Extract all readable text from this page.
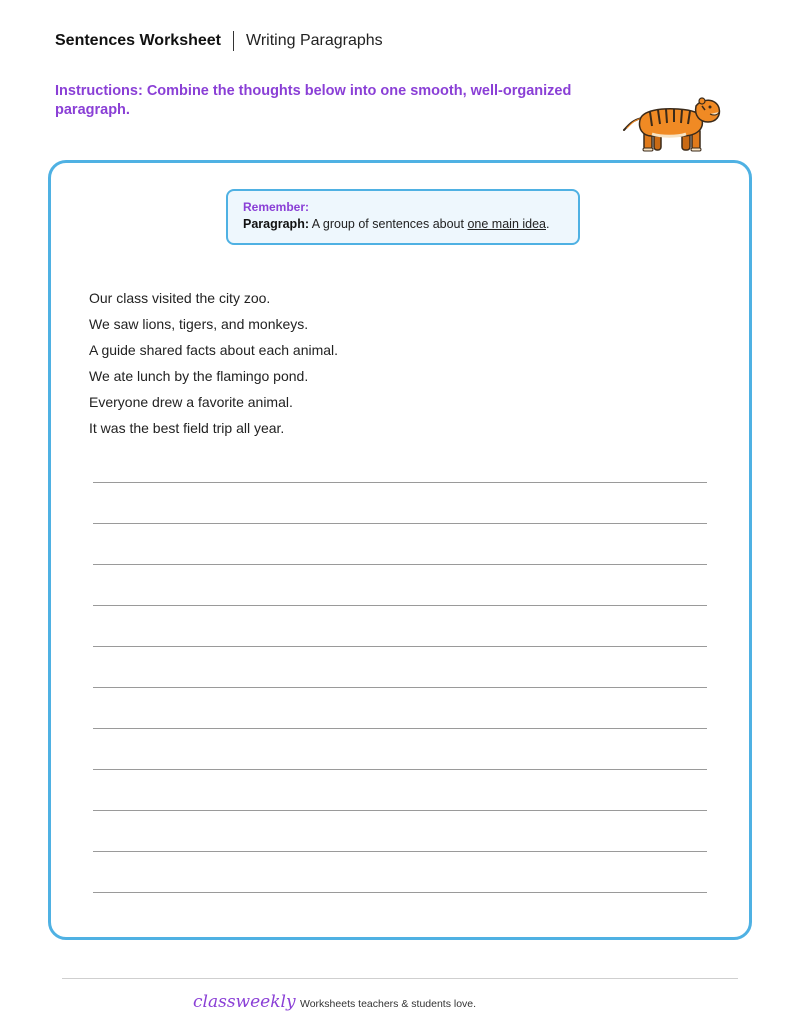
Sentences Worksheet Writing Paragraphs
Instructions: Combine the thoughts below into one smooth, well-organized paragraph.
Remember:
Paragraph: A group of sentences about one main idea.
Our class visited the city zoo.
We saw lions, tigers, and monkeys.
A guide shared facts about each animal.
We ate lunch by the flamingo pond.
Everyone drew a favorite animal.
It was the best field trip all year.
classweekly Worksheets teachers & students love.
